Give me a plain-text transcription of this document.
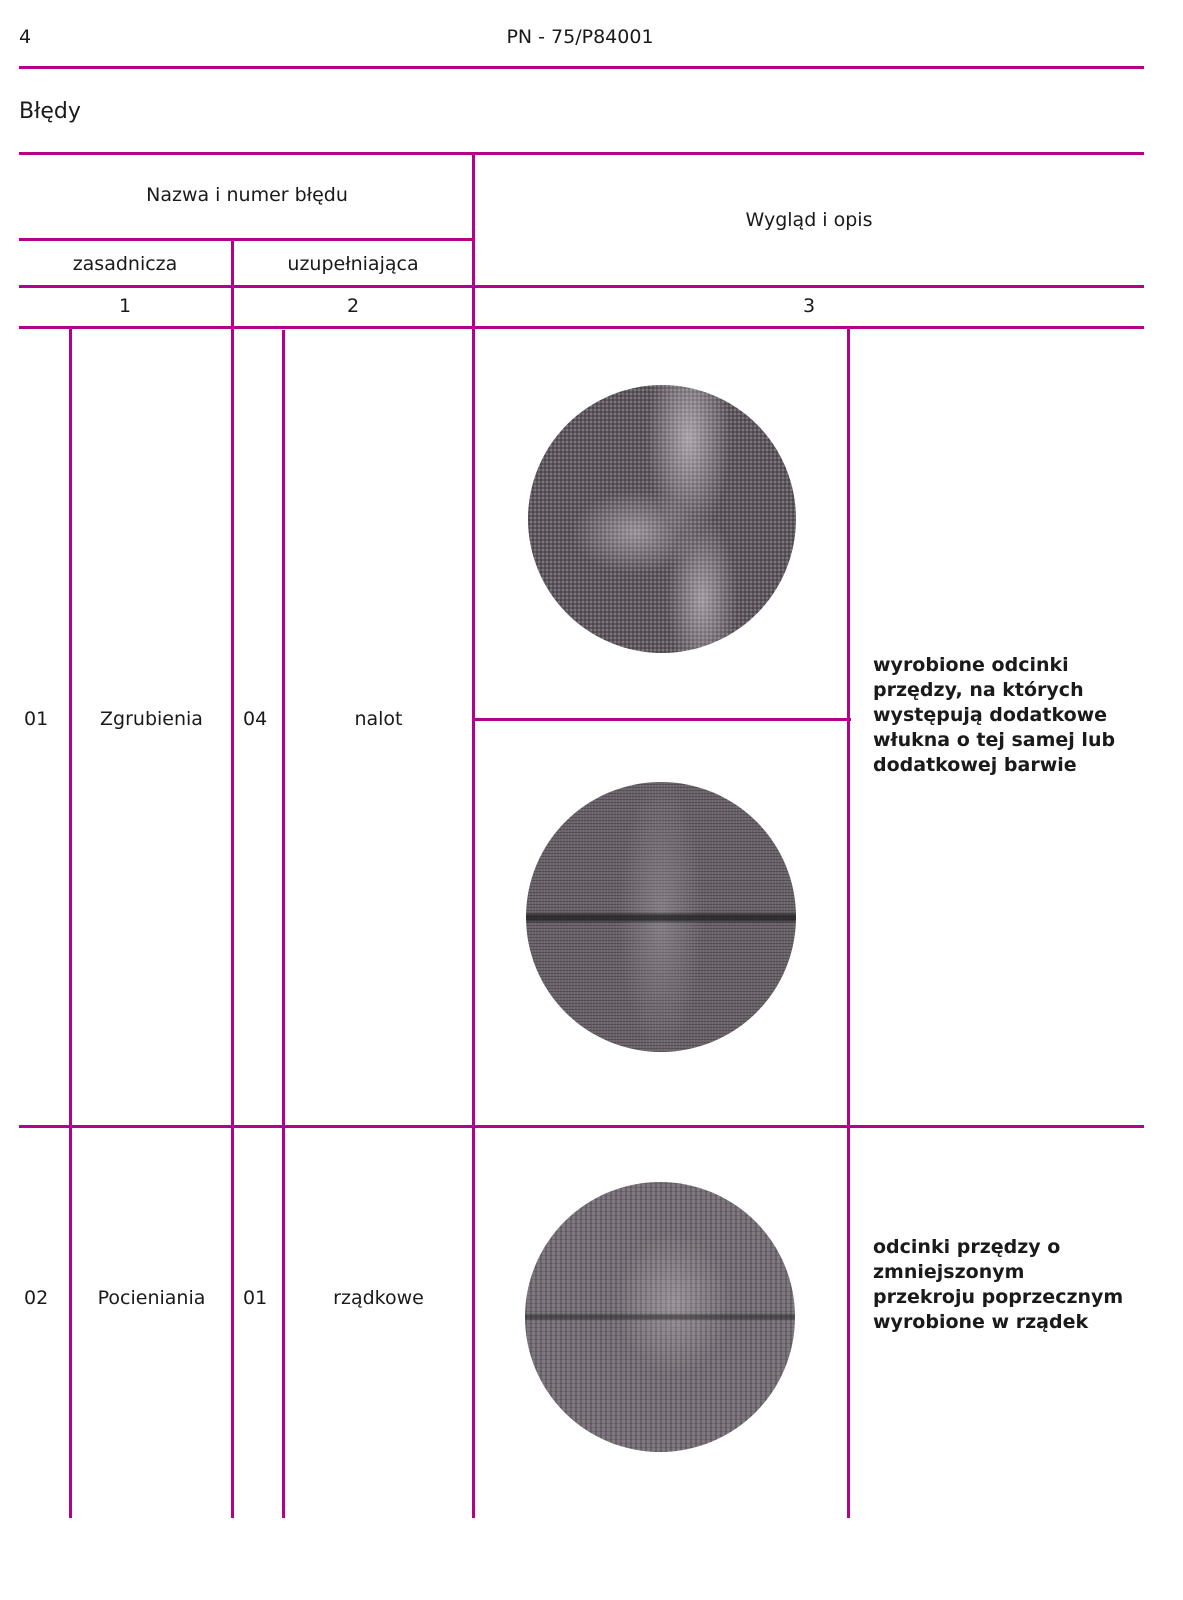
4	PN - 75/P84001
Błędy
Nazwa i numer błędu
Wygląd i opis
zasadnicza	uzupełniająca
1	2	3
01	Zgrubienia	04	nalot
wyrobione odcinki
przędzy, na których
występują dodatkowe
włukna o tej samej lub
dodatkowej barwie
02	Pocieniania	01	rządkowe
odcinki przędzy o
zmniejszonym
przekroju poprzecznym
wyrobione w rządek
